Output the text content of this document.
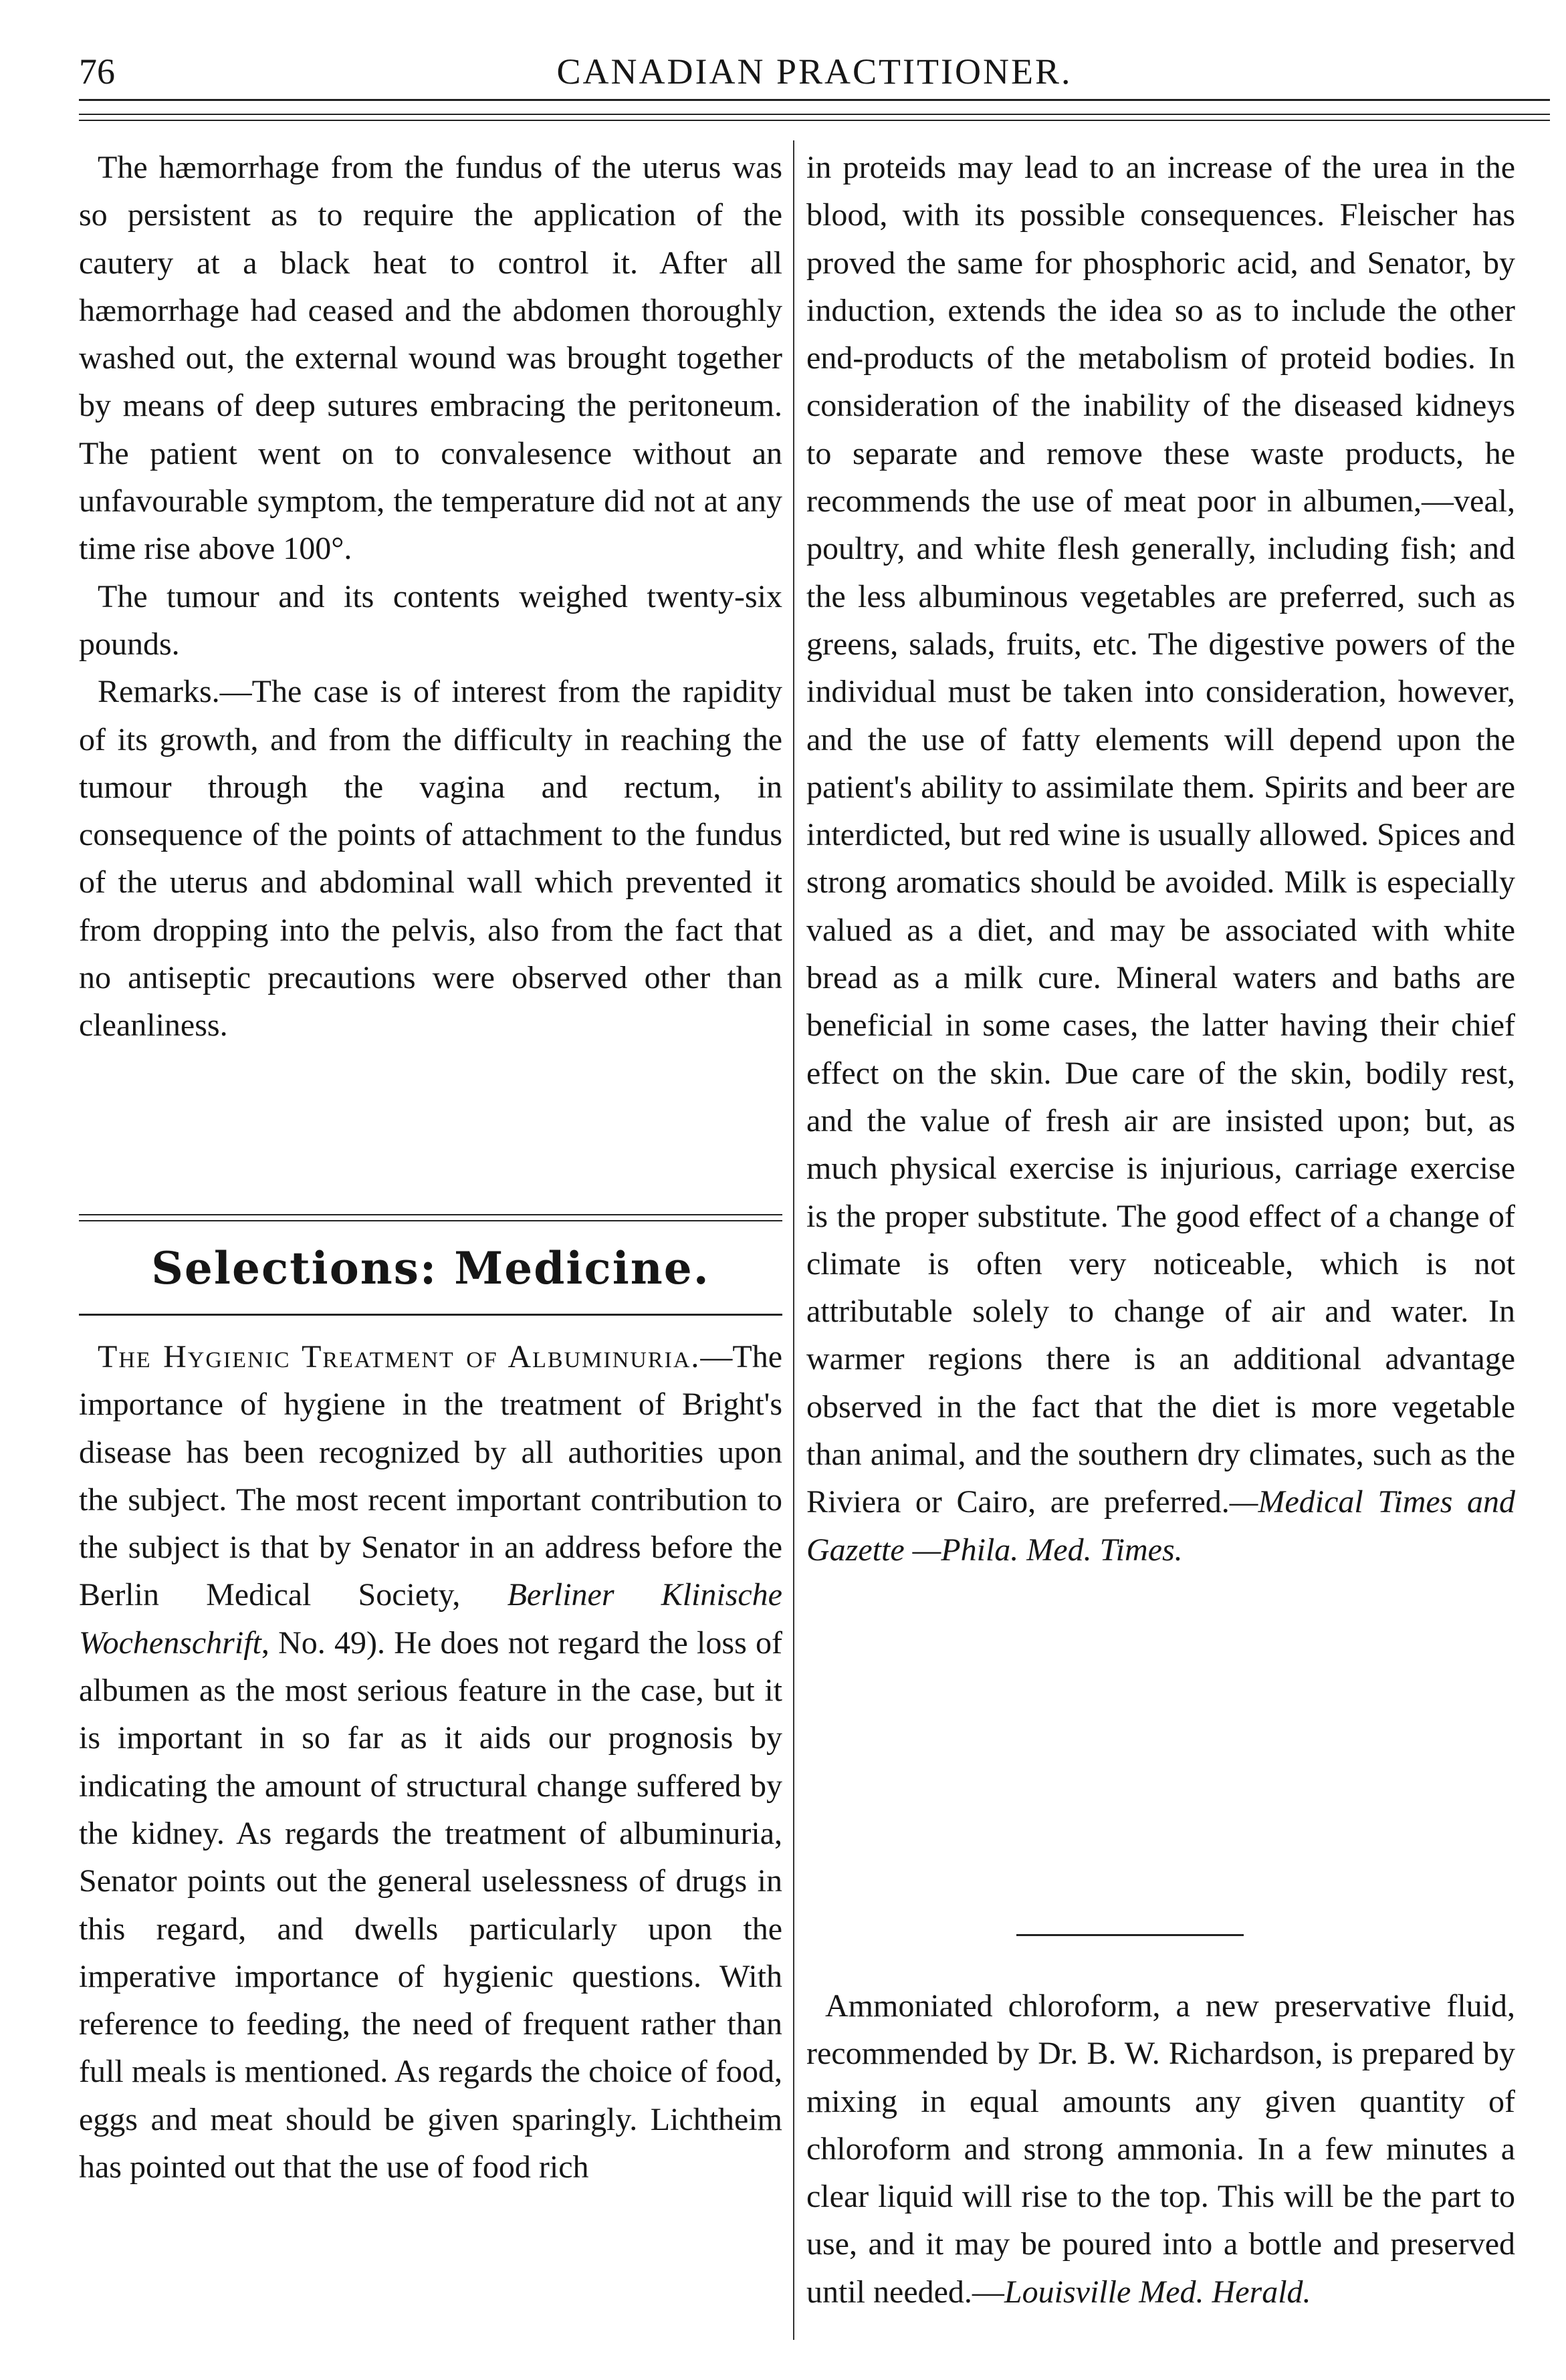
76	CANADIAN PRACTITIONER.

The hæmorrhage from the fundus of the uterus was so persistent as to require the application of the cautery at a black heat to control it. After all hæmorrhage had ceased and the abdomen thoroughly washed out, the external wound was brought together by means of deep sutures embracing the peritoneum. The patient went on to convalesence without an unfavourable symptom, the temperature did not at any time rise above 100°.

The tumour and its contents weighed twenty-six pounds.

Remarks.—The case is of interest from the rapidity of its growth, and from the difficulty in reaching the tumour through the vagina and rectum, in consequence of the points of attachment to the fundus of the uterus and abdominal wall which prevented it from dropping into the pelvis, also from the fact that no antiseptic precautions were observed other than cleanliness.

Selections: Medicine.

The Hygienic Treatment of Albuminuria.—The importance of hygiene in the treatment of Bright's disease has been recognized by all authorities upon the subject. The most recent important contribution to the subject is that by Senator in an address before the Berlin Medical Society, Berliner Klinische Wochenschrift, No. 49). He does not regard the loss of albumen as the most serious feature in the case, but it is important in so far as it aids our prognosis by indicating the amount of structural change suffered by the kidney. As regards the treatment of albuminuria, Senator points out the general uselessness of drugs in this regard, and dwells particularly upon the imperative importance of hygienic questions. With reference to feeding, the need of frequent rather than full meals is mentioned. As regards the choice of food, eggs and meat should be given sparingly. Lichtheim has pointed out that the use of food rich

in proteids may lead to an increase of the urea in the blood, with its possible consequences. Fleischer has proved the same for phosphoric acid, and Senator, by induction, extends the idea so as to include the other end-products of the metabolism of proteid bodies. In consideration of the inability of the diseased kidneys to separate and remove these waste products, he recommends the use of meat poor in albumen,—veal, poultry, and white flesh generally, including fish; and the less albuminous vegetables are preferred, such as greens, salads, fruits, etc. The digestive powers of the individual must be taken into consideration, however, and the use of fatty elements will depend upon the patient's ability to assimilate them. Spirits and beer are interdicted, but red wine is usually allowed. Spices and strong aromatics should be avoided. Milk is especially valued as a diet, and may be associated with white bread as a milk cure. Mineral waters and baths are beneficial in some cases, the latter having their chief effect on the skin. Due care of the skin, bodily rest, and the value of fresh air are insisted upon; but, as much physical exercise is injurious, carriage exercise is the proper substitute. The good effect of a change of climate is often very noticeable, which is not attributable solely to change of air and water. In warmer regions there is an additional advantage observed in the fact that the diet is more vegetable than animal, and the southern dry climates, such as the Riviera or Cairo, are preferred.—Medical Times and Gazette —Phila. Med. Times.

Ammoniated chloroform, a new preservative fluid, recommended by Dr. B. W. Richardson, is prepared by mixing in equal amounts any given quantity of chloroform and strong ammonia. In a few minutes a clear liquid will rise to the top. This will be the part to use, and it may be poured into a bottle and preserved until needed.—Louisville Med. Herald.
